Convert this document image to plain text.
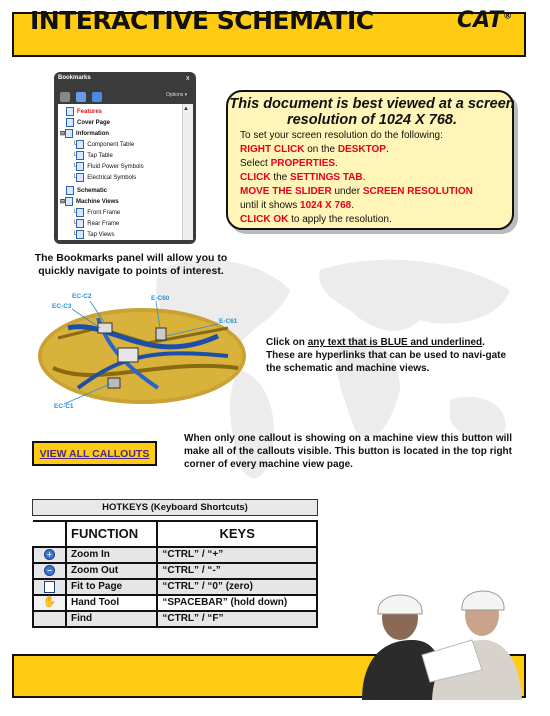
INTERACTIVE SCHEMATIC	CAT®
Bookmarks	x
Options ▾
Features
Cover Page
⊟ Information
└ Component Table
└ Tap Table
└ Fluid Power Symbols
└ Electrical Symbols
Schematic
⊟ Machine Views
└ Front Frame
└ Rear Frame
└ Tap Views
▲	This document is best viewed at a screen resolution of 1024 X 768.
To set your screen resolution do the following:
RIGHT CLICK on the DESKTOP.
Select PROPERTIES.
CLICK the SETTINGS TAB.
MOVE THE SLIDER under SCREEN RESOLUTION
until it shows 1024 X 768.
CLICK OK to apply the resolution.
The Bookmarks panel will allow you to quickly navigate to points of interest.
EC-C2
EC-C3
E-C60
E-C61
EC-C1
Click on any text that is BLUE and underlined. These are hyperlinks that can be used to navi-gate the schematic and machine views.
VIEW ALL CALLOUTS
When only one callout is showing on a machine view this button will make all of the callouts visible. This button is located in the top right corner of every machine view page.
HOTKEYS (Keyboard Shortcuts)
	FUNCTION	KEYS
+	Zoom In	“CTRL” / “+”
−	Zoom Out	“CTRL” / “-”
	Fit to Page	“CTRL” / “0” (zero)
✋	Hand Tool	“SPACEBAR” (hold down)
	Find	“CTRL” / “F”
